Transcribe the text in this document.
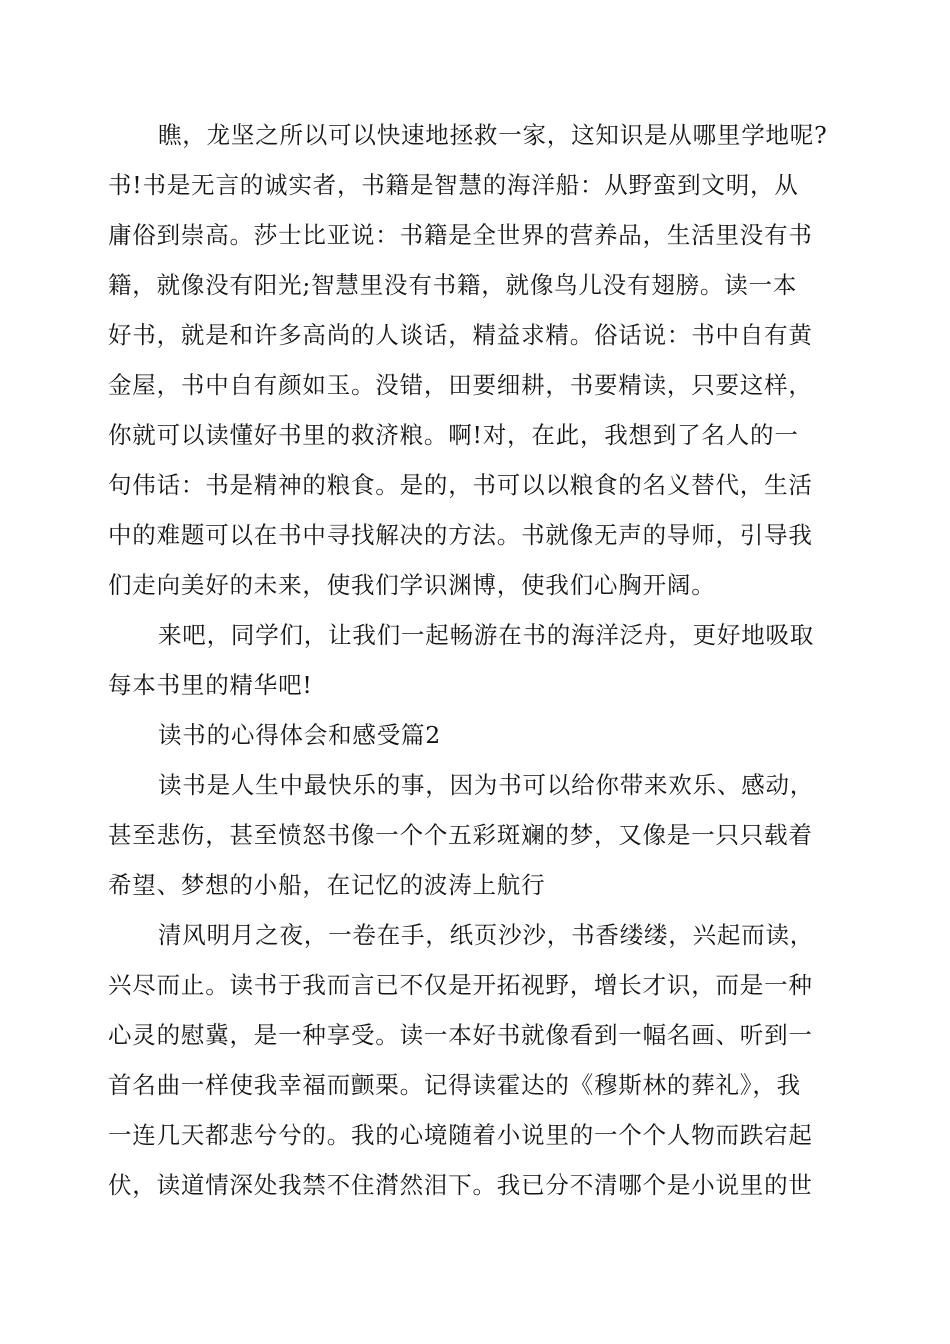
瞧，龙坚之所以可以快速地拯救一家，这知识是从哪里学地呢?
书!书是无言的诚实者，书籍是智慧的海洋船：从野蛮到文明，从
庸俗到崇高。莎士比亚说：书籍是全世界的营养品，生活里没有书
籍，就像没有阳光;智慧里没有书籍，就像鸟儿没有翅膀。读一本
好书，就是和许多高尚的人谈话，精益求精。俗话说：书中自有黄
金屋，书中自有颜如玉。没错，田要细耕，书要精读，只要这样，
你就可以读懂好书里的救济粮。啊!对，在此，我想到了名人的一
句伟话：书是精神的粮食。是的，书可以以粮食的名义替代，生活
中的难题可以在书中寻找解决的方法。书就像无声的导师，引导我
们走向美好的未来，使我们学识渊博，使我们心胸开阔。
来吧，同学们，让我们一起畅游在书的海洋泛舟，更好地吸取
每本书里的精华吧!
读书的心得体会和感受篇2
读书是人生中最快乐的事，因为书可以给你带来欢乐、感动，
甚至悲伤，甚至愤怒书像一个个五彩斑斓的梦，又像是一只只载着
希望、梦想的小船，在记忆的波涛上航行
清风明月之夜，一卷在手，纸页沙沙，书香缕缕，兴起而读，
兴尽而止。读书于我而言已不仅是开拓视野，增长才识，而是一种
心灵的慰冀，是一种享受。读一本好书就像看到一幅名画、听到一
首名曲一样使我幸福而颤栗。记得读霍达的《穆斯林的葬礼》，我
一连几天都悲兮兮的。我的心境随着小说里的一个个人物而跌宕起
伏，读道情深处我禁不住潸然泪下。我已分不清哪个是小说里的世
